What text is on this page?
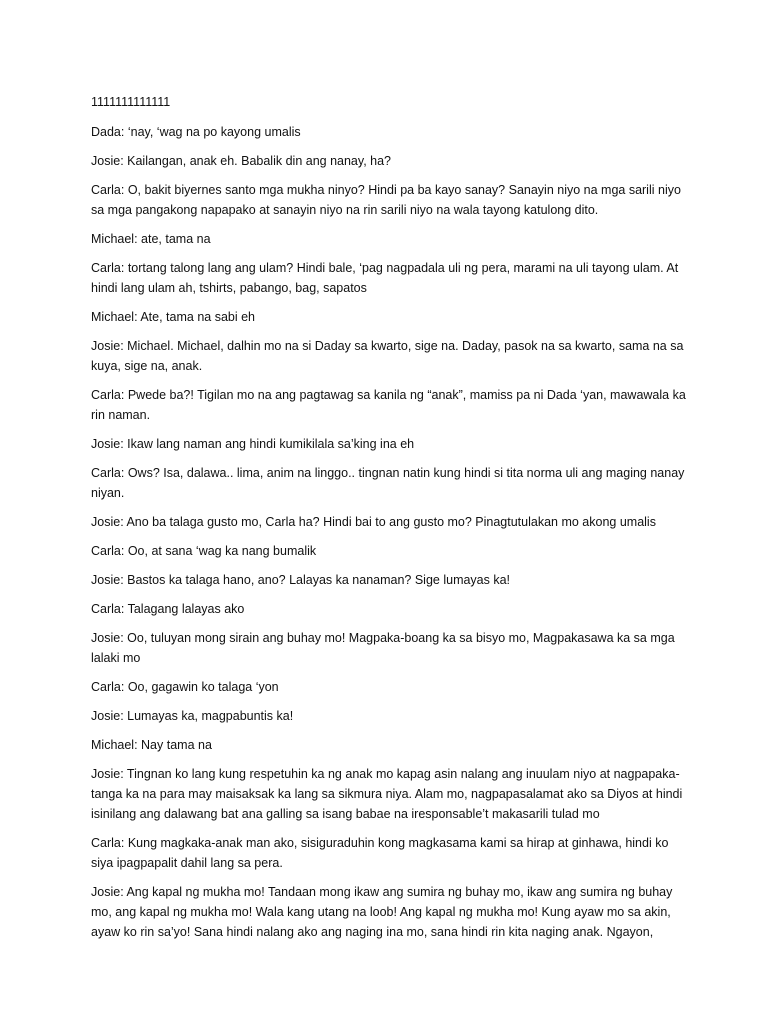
1111111111111

Dada : ‘nay, ‘wag na po kayong umalis

Josie : Kailangan, anak eh. Babalik din ang nanay, ha?

Carla : O, bakit biyernes santo mga mukha ninyo? Hindi pa ba kayo sanay? Sanayin niyo na mga sarili niyo sa mga pangakong napapako at sanayin niyo na rin sarili niyo na wala tayong katulong dito.

Michael : ate, tama na

Carla : tortang talong lang ang ulam? Hindi bale, ‘pag nagpadala uli ng pera, marami na uli tayong ulam. At hindi lang ulam ah, tshirts, pabango, bag, sapatos

Michael : Ate, tama na sabi eh

Josie : Michael. Michael, dalhin mo na si Daday sa kwarto, sige na. Daday, pasok na sa kwarto, sama na sa kuya, sige na, anak.

Carla : Pwede ba?! Tigilan mo na ang pagtawag sa kanila ng “anak”, mamiss pa ni Dada ‘yan, mawawala ka rin naman.

Josie : Ikaw lang naman ang hindi kumikilala sa’king ina eh

Carla : Ows? Isa, dalawa.. lima, anim na linggo.. tingnan natin kung hindi si tita norma uli ang maging nanay niyan.

Josie : Ano ba talaga gusto mo, Carla ha? Hindi bai to ang gusto mo? Pinagtutulakan mo akong umalis

Carla : Oo, at sana ‘wag ka nang bumalik

Josie : Bastos ka talaga hano, ano? Lalayas ka nanaman? Sige lumayas ka!

Carla : Talagang lalayas ako

Josie : Oo, tuluyan mong sirain ang buhay mo! Magpaka-boang ka sa bisyo mo, Magpakasawa ka sa mga lalaki mo

Carla : Oo, gagawin ko talaga ‘yon

Josie : Lumayas ka, magpabuntis ka!

Michael : Nay tama na

Josie : Tingnan ko lang kung respetuhin ka ng anak mo kapag asin nalang ang inuulam niyo at nagpapaka-tanga ka na para may maisaksak ka lang sa sikmura niya. Alam mo, nagpapasalamat ako sa Diyos at hindi isinilang ang dalawang bat ana galling sa isang babae na iresponsable’t makasarili tulad mo

Carla : Kung magkaka-anak man ako, sisiguraduhin kong magkasama kami sa hirap at ginhawa, hindi ko siya ipagpapalit dahil lang sa pera.

Josie : Ang kapal ng mukha mo! Tandaan mong ikaw ang sumira ng buhay mo, ikaw ang sumira ng buhay mo, ang kapal ng mukha mo! Wala kang utang na loob! Ang kapal ng mukha mo! Kung ayaw mo sa akin, ayaw ko rin sa’yo! Sana hindi nalang ako ang naging ina mo, sana hindi rin kita naging anak. Ngayon,
